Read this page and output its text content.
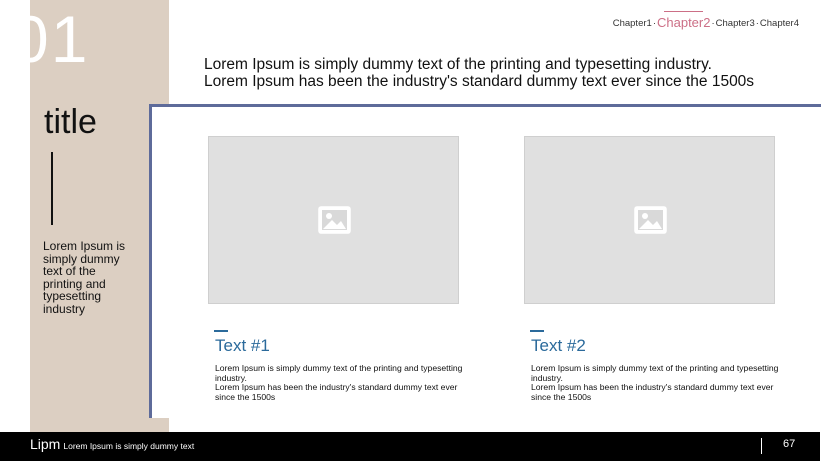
01
title
Lorem Ipsum is simply dummy text of the printing and typesetting industry
Chapter1 · Chapter2 · Chapter3 · Chapter4
Lorem Ipsum is simply dummy text of the printing and typesetting industry.
Lorem Ipsum has been the industry's standard dummy text ever since the 1500s
Text #1
Lorem Ipsum is simply dummy text of the printing and typesetting industry.
Lorem Ipsum has been the industry's standard dummy text ever since the 1500s
Text #2
Lorem Ipsum is simply dummy text of the printing and typesetting industry.
Lorem Ipsum has been the industry's standard dummy text ever since the 1500s
Lipm Lorem Ipsum is simply dummy text	67
